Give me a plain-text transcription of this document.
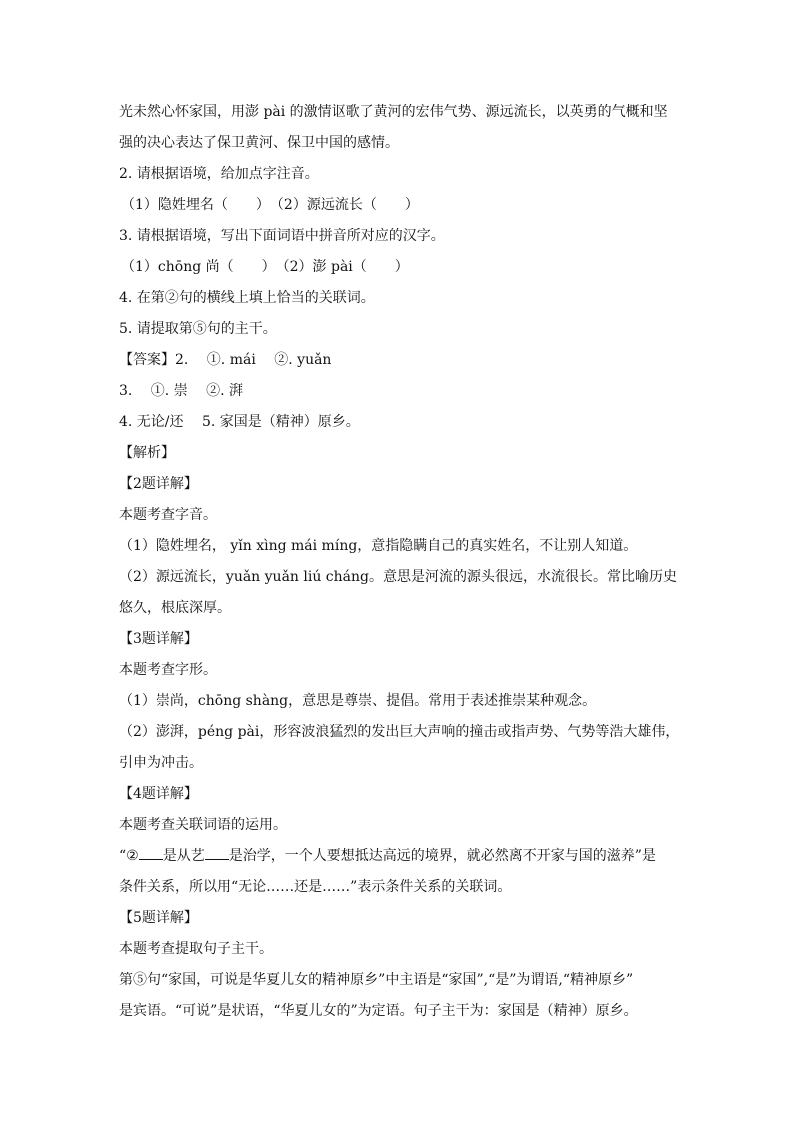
光未然心怀家国，用澎 pài 的激情讴歌了黄河的宏伟气势、源远流长，以英勇的气概和坚
强的决心表达了保卫黄河、保卫中国的感情。
2. 请根据语境，给加点字注音。
（1）隐姓埋名（　　）　（2）源远流长（　　）
3. 请根据语境，写出下面词语中拼音所对应的汉字。
（1）chōng 尚（　　）　（2）澎 pài（　　）
4. 在第②句的横线上填上恰当的关联词。
5. 请提取第⑤句的主干。
【答案】2.　 ①. mái　 ②. yuǎn
3.　 ①. 崇　 ②. 湃
4. 无论/还　 5. 家国是（精神）原乡。
【解析】
【2题详解】
本题考查字音。
（1）隐姓埋名， yǐn xìng mái míng，意指隐瞒自己的真实姓名，不让别人知道。
（2）源远流长，yuǎn yuǎn liú cháng。意思是河流的源头很远，水流很长。常比喻历史
悠久，根底深厚。
【3题详解】
本题考查字形。
（1）崇尚，chōng shàng，意思是尊崇、提倡。常用于表述推崇某种观念。
（2）澎湃，péng pài，形容波浪猛烈的发出巨大声响的撞击或指声势、气势等浩大雄伟，
引申为冲击。
【4题详解】
本题考查关联词语的运用。
“② 是从艺 是治学，一个人要想抵达高远的境界，就必然离不开家与国的滋养”是
条件关系，所以用“无论……还是……”表示条件关系的关联词。
【5题详解】
本题考查提取句子主干。
第⑤句“家国，可说是华夏儿女的精神原乡”中主语是“家国”,“是”为谓语,“精神原乡”
是宾语。“可说”是状语，“华夏儿女的”为定语。句子主干为：家国是（精神）原乡。
